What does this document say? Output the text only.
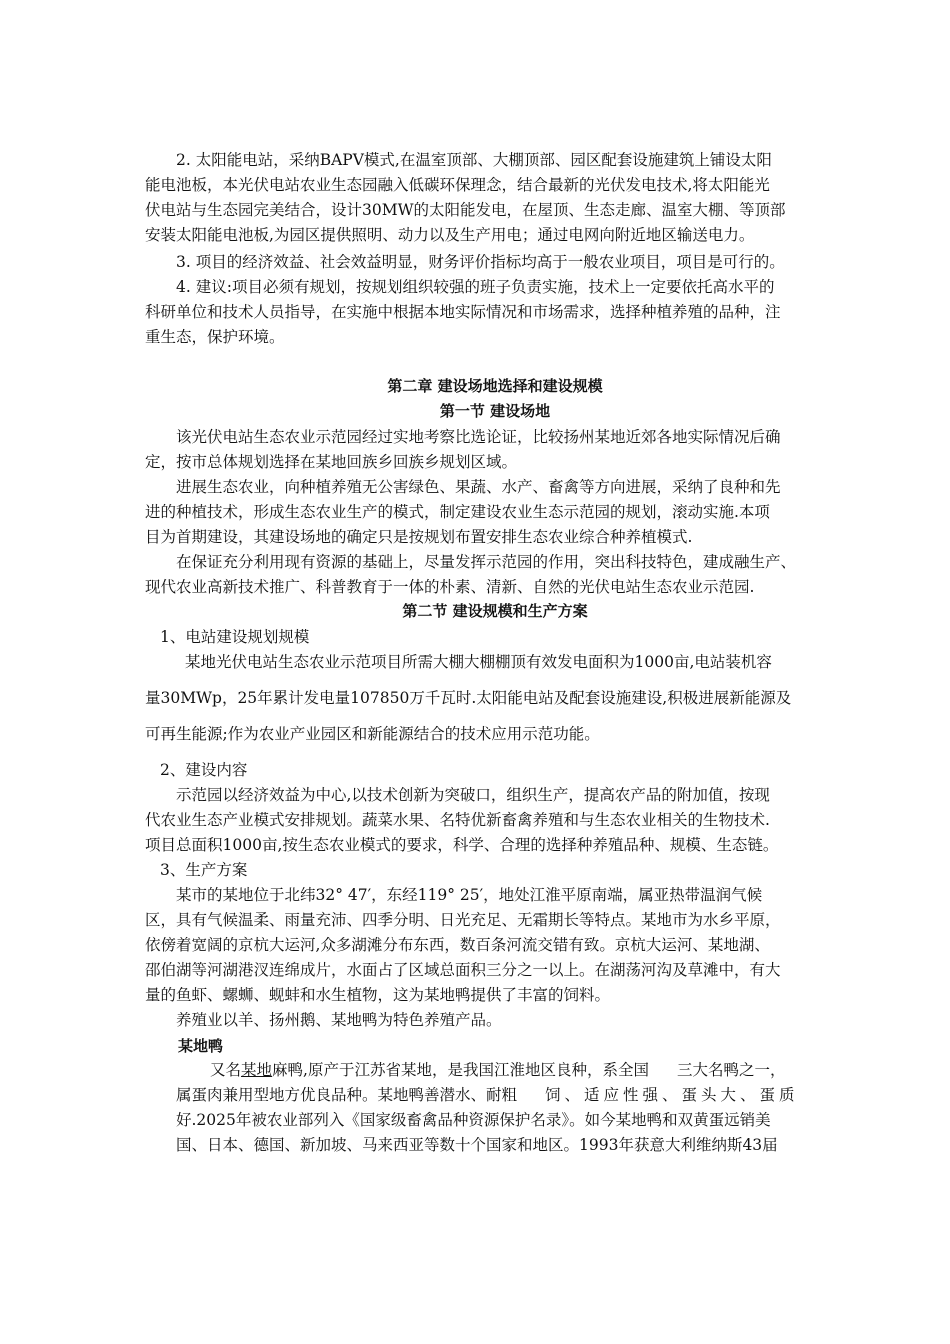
2. 太阳能电站，采纳BAPV模式,在温室顶部、大棚顶部、园区配套设施建筑上铺设太阳
能电池板，本光伏电站农业生态园融入低碳环保理念，结合最新的光伏发电技术,将太阳能光
伏电站与生态园完美结合，设计30MW的太阳能发电，在屋顶、生态走廊、温室大棚、等顶部
安装太阳能电池板,为园区提供照明、动力以及生产用电；通过电网向附近地区输送电力。
3. 项目的经济效益、社会效益明显，财务评价指标均高于一般农业项目，项目是可行的。
4. 建议:项目必须有规划，按规划组织较强的班子负责实施，技术上一定要依托高水平的
科研单位和技术人员指导，在实施中根据本地实际情况和市场需求，选择种植养殖的品种，注
重生态，保护环境。
第二章 建设场地选择和建设规模
第一节 建设场地
该光伏电站生态农业示范园经过实地考察比选论证，比较扬州某地近郊各地实际情况后确
定，按市总体规划选择在某地回族乡回族乡规划区域。
进展生态农业，向种植养殖无公害绿色、果蔬、水产、畜禽等方向进展，采纳了良种和先
进的种植技术，形成生态农业生产的模式，制定建设农业生态示范园的规划，滚动实施.本项
目为首期建设，其建设场地的确定只是按规划布置安排生态农业综合种养植模式.
在保证充分利用现有资源的基础上，尽量发挥示范园的作用，突出科技特色，建成融生产、
现代农业高新技术推广、科普教育于一体的朴素、清新、自然的光伏电站生态农业示范园.
第二节 建设规模和生产方案
1、电站建设规划规模
某地光伏电站生态农业示范项目所需大棚大棚棚顶有效发电面积为1000亩,电站装机容
量30MWp，25年累计发电量107850万千瓦时.太阳能电站及配套设施建设,积极进展新能源及
可再生能源;作为农业产业园区和新能源结合的技术应用示范功能。
2、建设内容
示范园以经济效益为中心,以技术创新为突破口，组织生产，提高农产品的附加值，按现
代农业生态产业模式安排规划。蔬菜水果、名特优新畜禽养殖和与生态农业相关的生物技术.
项目总面积1000亩,按生态农业模式的要求，科学、合理的选择种养殖品种、规模、生态链。
3、生产方案
某市的某地位于北纬32° 47′，东经119° 25′，地处江淮平原南端，属亚热带温润气候
区，具有气候温柔、雨量充沛、四季分明、日光充足、无霜期长等特点。某地市为水乡平原，
依傍着宽阔的京杭大运河,众多湖滩分布东西，数百条河流交错有致。京杭大运河、某地湖、
邵伯湖等河湖港汊连绵成片，水面占了区域总面积三分之一以上。在湖荡河沟及草滩中，有大
量的鱼虾、螺蛳、蚬蚌和水生植物，这为某地鸭提供了丰富的饲料。
养殖业以羊、扬州鹅、某地鸭为特色养殖产品。
某地鸭
又名某地麻鸭,原产于江苏省某地，是我国江淮地区良种，系全国 三大名鸭之一，
属蛋肉兼用型地方优良品种。某地鸭善潜水、耐粗 饲、适应性强、蛋头大、蛋质
好.2025年被农业部列入《国家级畜禽品种资源保护名录》。如今某地鸭和双黄蛋远销美
国、日本、德国、新加坡、马来西亚等数十个国家和地区。1993年获意大利维纳斯43届
